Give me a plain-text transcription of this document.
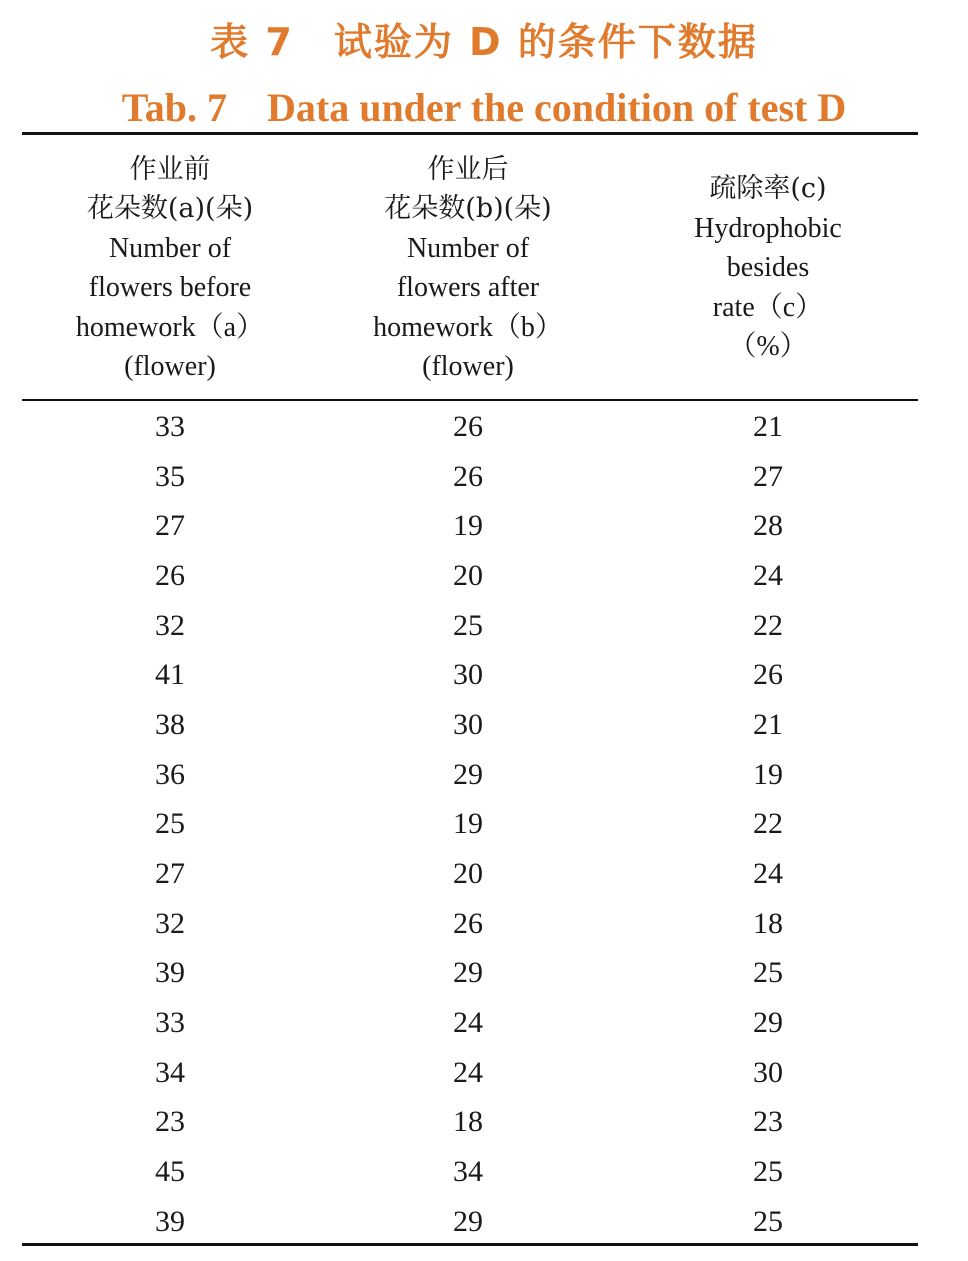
表 7　试验为 D 的条件下数据
Tab. 7　Data under the condition of test D
作业前
花朵数(a)(朵)
Number of
flowers before
homework（a）
(flower)
作业后
花朵数(b)(朵)
Number of
flowers after
homework（b）
(flower)
疏除率(c)
Hydrophobic
besides
rate（c）
（%）
33	26	21
35	26	27
27	19	28
26	20	24
32	25	22
41	30	26
38	30	21
36	29	19
25	19	22
27	20	24
32	26	18
39	29	25
33	24	29
34	24	30
23	18	23
45	34	25
39	29	25
